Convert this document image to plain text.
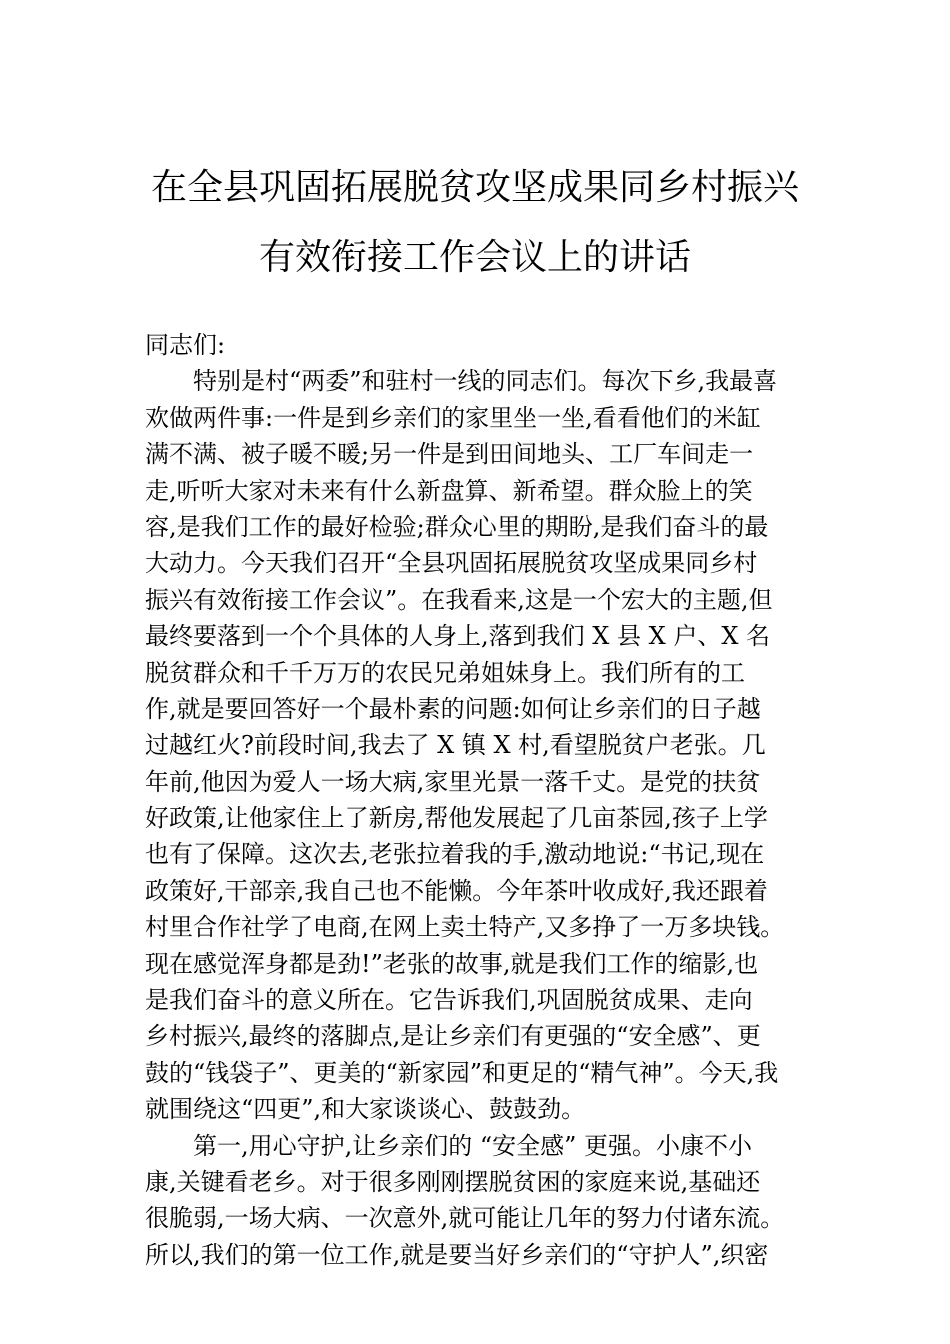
在全县巩固拓展脱贫攻坚成果同乡村振兴
有效衔接工作会议上的讲话
同志们:
　　特别是村“两委”和驻村一线的同志们。每次下乡,我最喜
欢做两件事:一件是到乡亲们的家里坐一坐,看看他们的米缸
满不满、被子暖不暖;另一件是到田间地头、工厂车间走一
走,听听大家对未来有什么新盘算、新希望。群众脸上的笑
容,是我们工作的最好检验;群众心里的期盼,是我们奋斗的最
大动力。今天我们召开“全县巩固拓展脱贫攻坚成果同乡村
振兴有效衔接工作会议”。在我看来,这是一个宏大的主题,但
最终要落到一个个具体的人身上,落到我们 X 县 X 户、X 名
脱贫群众和千千万万的农民兄弟姐妹身上。我们所有的工
作,就是要回答好一个最朴素的问题:如何让乡亲们的日子越
过越红火?前段时间,我去了 X 镇 X 村,看望脱贫户老张。几
年前,他因为爱人一场大病,家里光景一落千丈。是党的扶贫
好政策,让他家住上了新房,帮他发展起了几亩茶园,孩子上学
也有了保障。这次去,老张拉着我的手,激动地说:“书记,现在
政策好,干部亲,我自己也不能懒。今年茶叶收成好,我还跟着
村里合作社学了电商,在网上卖土特产,又多挣了一万多块钱。
现在感觉浑身都是劲!”老张的故事,就是我们工作的缩影,也
是我们奋斗的意义所在。它告诉我们,巩固脱贫成果、走向
乡村振兴,最终的落脚点,是让乡亲们有更强的“安全感”、更
鼓的“钱袋子”、更美的“新家园”和更足的“精气神”。今天,我
就围绕这“四更”,和大家谈谈心、鼓鼓劲。
　　第一,用心守护,让乡亲们的 “安全感” 更强。小康不小
康,关键看老乡。对于很多刚刚摆脱贫困的家庭来说,基础还
很脆弱,一场大病、一次意外,就可能让几年的努力付诸东流。
所以,我们的第一位工作,就是要当好乡亲们的“守护人”,织密
